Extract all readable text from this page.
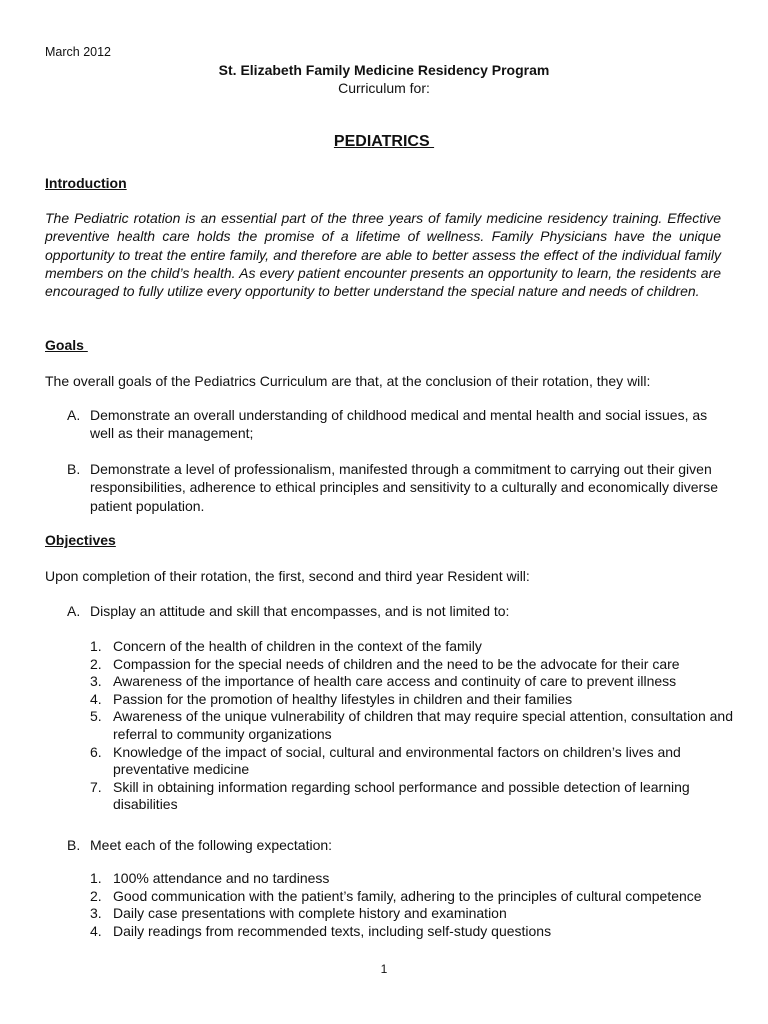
March 2012
St. Elizabeth Family Medicine Residency Program
Curriculum for:
PEDIATRICS
Introduction
The Pediatric rotation is an essential part of the three years of family medicine residency training. Effective preventive health care holds the promise of a lifetime of wellness. Family Physicians have the unique opportunity to treat the entire family, and therefore are able to better assess the effect of the individual family members on the child’s health. As every patient encounter presents an opportunity to learn, the residents are encouraged to fully utilize every opportunity to better understand the special nature and needs of children.
Goals
The overall goals of the Pediatrics Curriculum are that, at the conclusion of their rotation, they will:
A. Demonstrate an overall understanding of childhood medical and mental health and social issues, as well as their management;
B. Demonstrate a level of professionalism, manifested through a commitment to carrying out their given responsibilities, adherence to ethical principles and sensitivity to a culturally and economically diverse patient population.
Objectives
Upon completion of their rotation, the first, second and third year Resident will:
A. Display an attitude and skill that encompasses, and is not limited to:
1. Concern of the health of children in the context of the family
2. Compassion for the special needs of children and the need to be the advocate for their care
3. Awareness of the importance of health care access and continuity of care to prevent illness
4. Passion for the promotion of healthy lifestyles in children and their families
5. Awareness of the unique vulnerability of children that may require special attention, consultation and referral to community organizations
6. Knowledge of the impact of social, cultural and environmental factors on children’s lives and preventative medicine
7. Skill in obtaining information regarding school performance and possible detection of learning disabilities
B. Meet each of the following expectation:
1. 100% attendance and no tardiness
2. Good communication with the patient’s family, adhering to the principles of cultural competence
3. Daily case presentations with complete history and examination
4. Daily readings from recommended texts, including self-study questions
1
